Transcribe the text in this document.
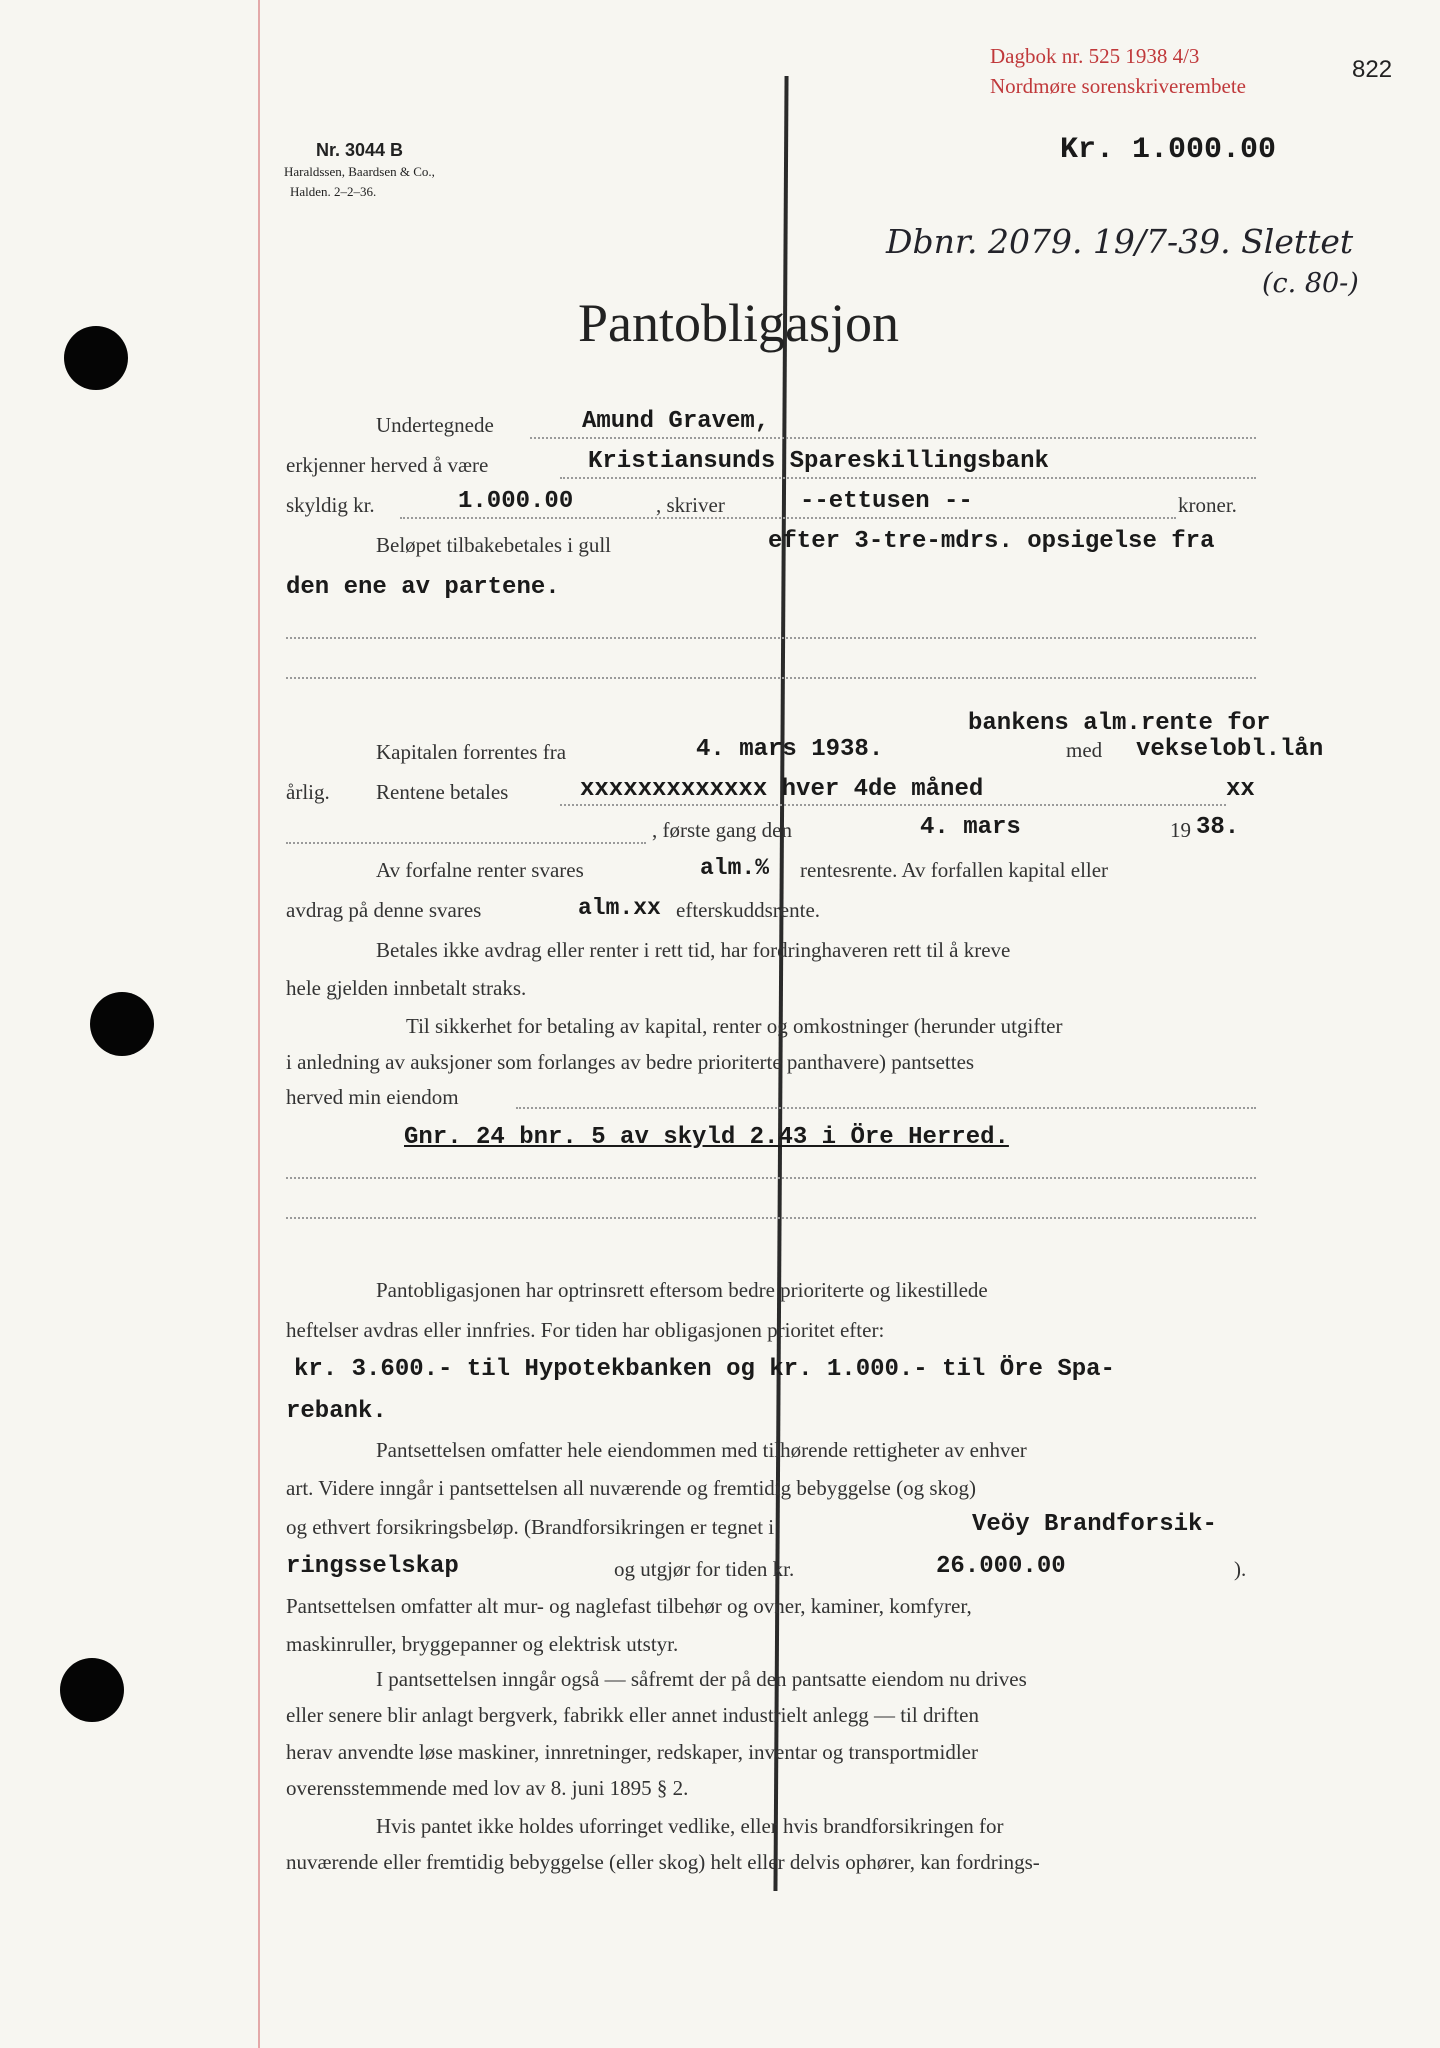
Dagbok nr. 525 1938 4/3
Nordmøre sorenskriverembete
822
Nr. 3044 B
Haraldssen, Baardsen & Co.,
Halden. 2–2–36.
Kr. 1.000.00
Dbnr. 2079. 19/7-39. Slettet
(c. 80-)
Pantobligasjon
Undertegnede	Amund Gravem,
erkjenner herved å være	Kristiansunds Spareskillingsbank
skyldig kr.	1.000.00	, skriver	--ettusen --	kroner.
Beløpet tilbakebetales i gull	efter 3-tre-mdrs. opsigelse fra
den ene av partene.
bankens alm.rente for
Kapitalen forrentes fra	4. mars 1938.	med vekselobl.lån
årlig. Rentene betales	xxxxxxxxxxxxx hver 4de måned	xx
, første gang den	4. mars	19 38.
Av forfalne renter svares	alm.% rentesrente. Av forfallen kapital eller
avdrag på denne svares	alm.xx efterskuddsrente.
Betales ikke avdrag eller renter i rett tid, har fordringhaveren rett til å kreve
hele gjelden innbetalt straks.
Til sikkerhet for betaling av kapital, renter og omkostninger (herunder utgifter
i anledning av auksjoner som forlanges av bedre prioriterte panthavere) pantsettes
herved min eiendom
Gnr. 24 bnr. 5 av skyld 2.43 i Öre Herred.
Pantobligasjonen har optrinsrett eftersom bedre prioriterte og likestillede
heftelser avdras eller innfries. For tiden har obligasjonen prioritet efter:
kr. 3.600.- til Hypotekbanken og kr. 1.000.- til Öre Spa-
rebank.
Pantsettelsen omfatter hele eiendommen med tilhørende rettigheter av enhver
art. Videre inngår i pantsettelsen all nuværende og fremtidig bebyggelse (og skog)
og ethvert forsikringsbeløp. (Brandforsikringen er tegnet i	Veöy Brandforsik-
ringsselskap	og utgjør for tiden kr.	26.000.00	).
Pantsettelsen omfatter alt mur- og naglefast tilbehør og ovner, kaminer, komfyrer,
maskinruller, bryggepanner og elektrisk utstyr.
I pantsettelsen inngår også — såfremt der på den pantsatte eiendom nu drives
eller senere blir anlagt bergverk, fabrikk eller annet industrielt anlegg — til driften
herav anvendte løse maskiner, innretninger, redskaper, inventar og transportmidler
overensstemmende med lov av 8. juni 1895 § 2.
Hvis pantet ikke holdes uforringet vedlike, eller hvis brandforsikringen for
nuværende eller fremtidig bebyggelse (eller skog) helt eller delvis ophører, kan fordrings-
